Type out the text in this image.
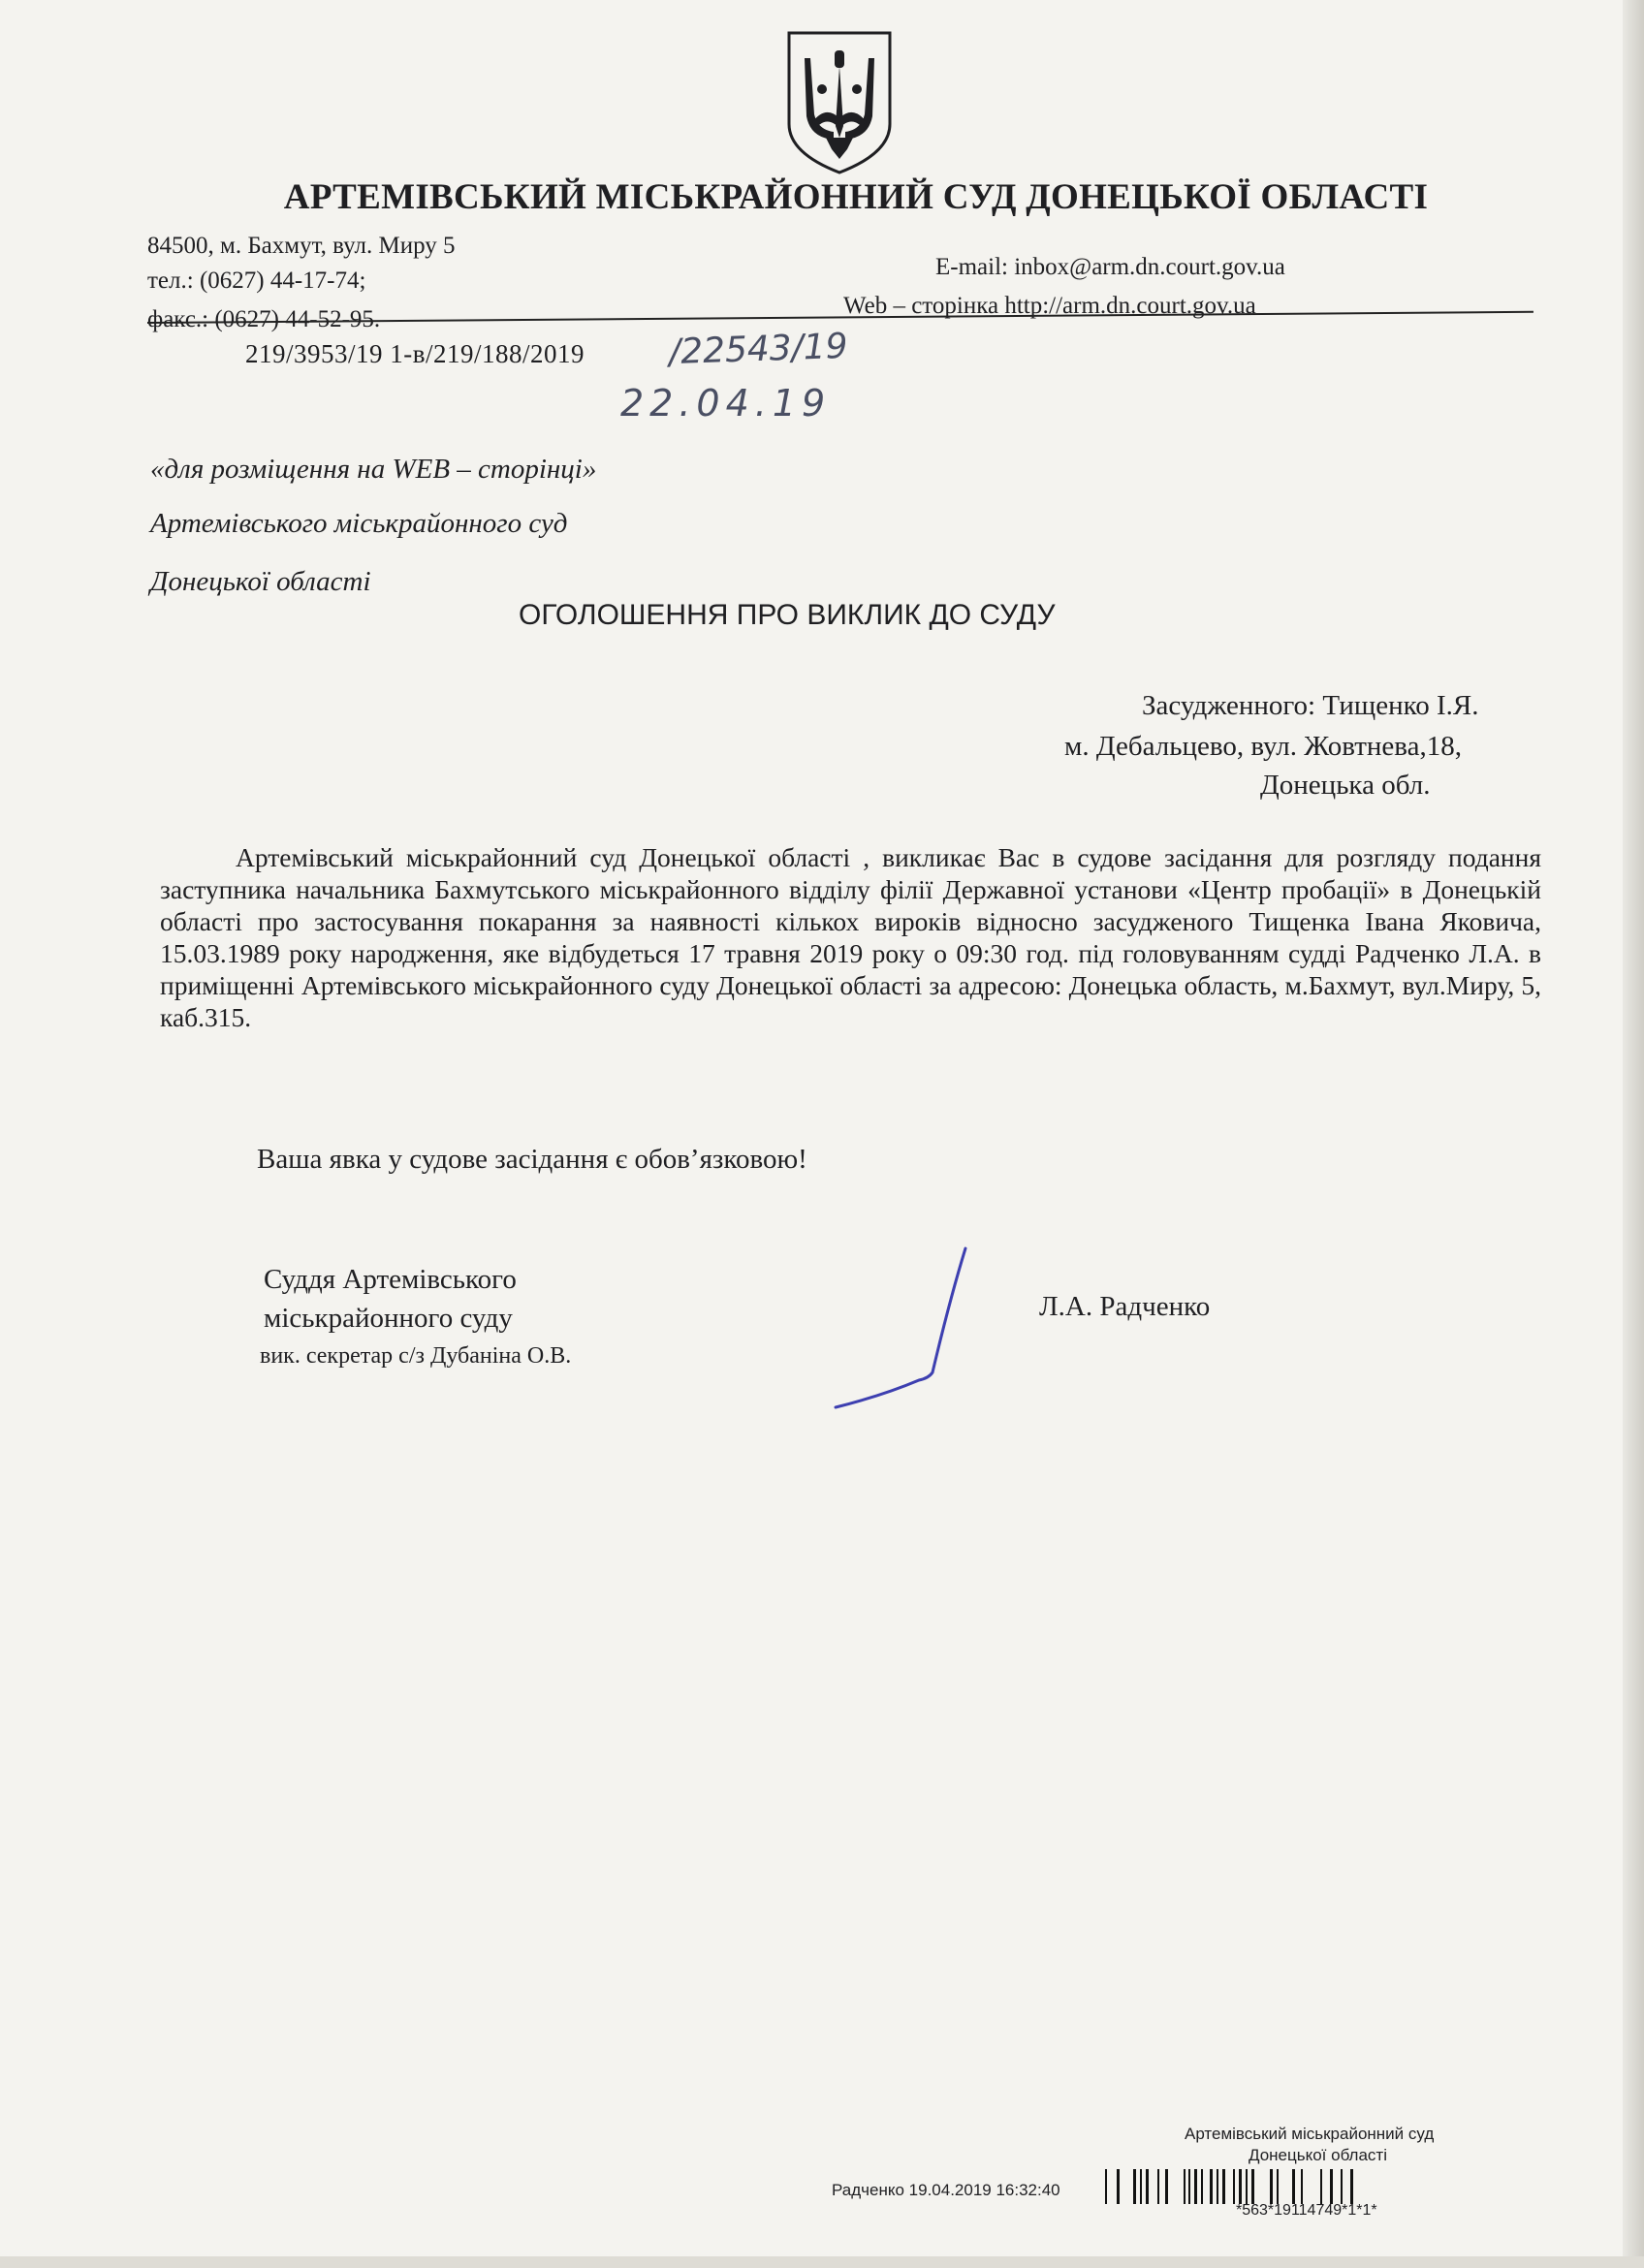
АРТЕМІВСЬКИЙ МІСЬКРАЙОННИЙ СУД ДОНЕЦЬКОЇ ОБЛАСТІ
84500, м. Бахмут, вул. Миру 5
тел.: (0627) 44-17-74;
факс.: (0627) 44-52-95.
E-mail: inbox@arm.dn.court.gov.ua
Web – сторінка http://arm.dn.court.gov.ua
219/3953/19 1-в/219/188/2019 /22543/19
22.04.19
«для розміщення на WEB – сторінці»
Артемівського міськрайонного суд
Донецької області
ОГОЛОШЕННЯ ПРО ВИКЛИК ДО СУДУ
Засудженного: Тищенко І.Я.
м. Дебальцево, вул. Жовтнева,18,
Донецька обл.
Артемівський міськрайонний суд Донецької області , викликає Вас в судове засідання для розгляду подання заступника начальника Бахмутського міськрайонного відділу філії Державної установи «Центр пробації» в Донецькій області про застосування покарання за наявності кількох вироків відносно засудженого Тищенка Івана Яковича, 15.03.1989 року народження, яке відбудеться 17 травня 2019 року о 09:30 год. під головуванням судді Радченко Л.А. в приміщенні Артемівського міськрайонного суду Донецької області за адресою: Донецька область, м.Бахмут, вул.Миру, 5, каб.315.
Ваша явка у судове засідання є обов’язковою!
Суддя Артемівського
міськрайонного суду
вик. секретар с/з Дубаніна О.В.
Л.А. Радченко
Артемівський міськрайонний суд
Донецької області
Радченко 19.04.2019 16:32:40
*563*19114749*1*1*
